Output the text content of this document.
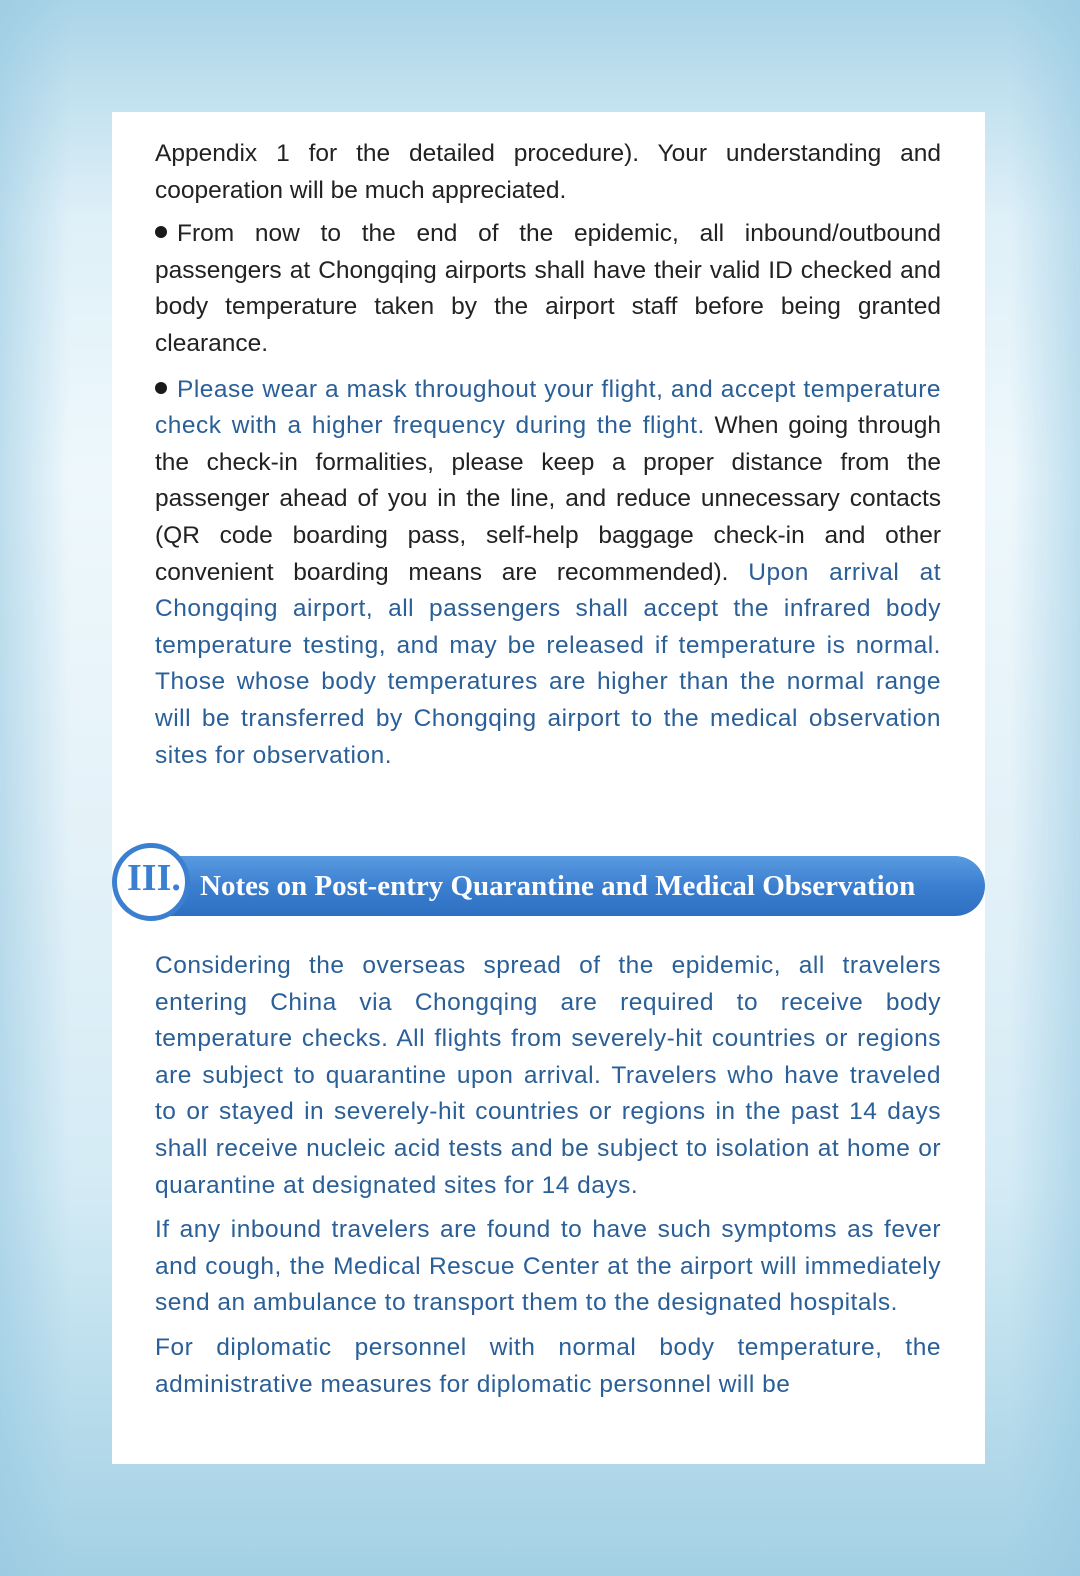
Appendix 1 for the detailed procedure). Your understanding and cooperation will be much appreciated.

From now to the end of the epidemic, all inbound/outbound passengers at Chongqing airports shall have their valid ID checked and body temperature taken by the airport staff before being granted clearance.

Please wear a mask throughout your flight, and accept temperature check with a higher frequency during the flight. When going through the check-in formalities, please keep a proper distance from the passenger ahead of you in the line, and reduce unnecessary contacts (QR code boarding pass, self-help baggage check-in and other convenient boarding means are recommended). Upon arrival at Chongqing airport, all passengers shall accept the infrared body temperature testing, and may be released if temperature is normal. Those whose body temperatures are higher than the normal range will be transferred by Chongqing airport to the medical observation sites for observation.

III. Notes on Post-entry Quarantine and Medical Observation

Considering the overseas spread of the epidemic, all travelers entering China via Chongqing are required to receive body temperature checks. All flights from severely-hit countries or regions are subject to quarantine upon arrival. Travelers who have traveled to or stayed in severely-hit countries or regions in the past 14 days shall receive nucleic acid tests and be subject to isolation at home or quarantine at designated sites for 14 days.

If any inbound travelers are found to have such symptoms as fever and cough, the Medical Rescue Center at the airport will immediately send an ambulance to transport them to the designated hospitals.

For diplomatic personnel with normal body temperature, the administrative measures for diplomatic personnel will be
